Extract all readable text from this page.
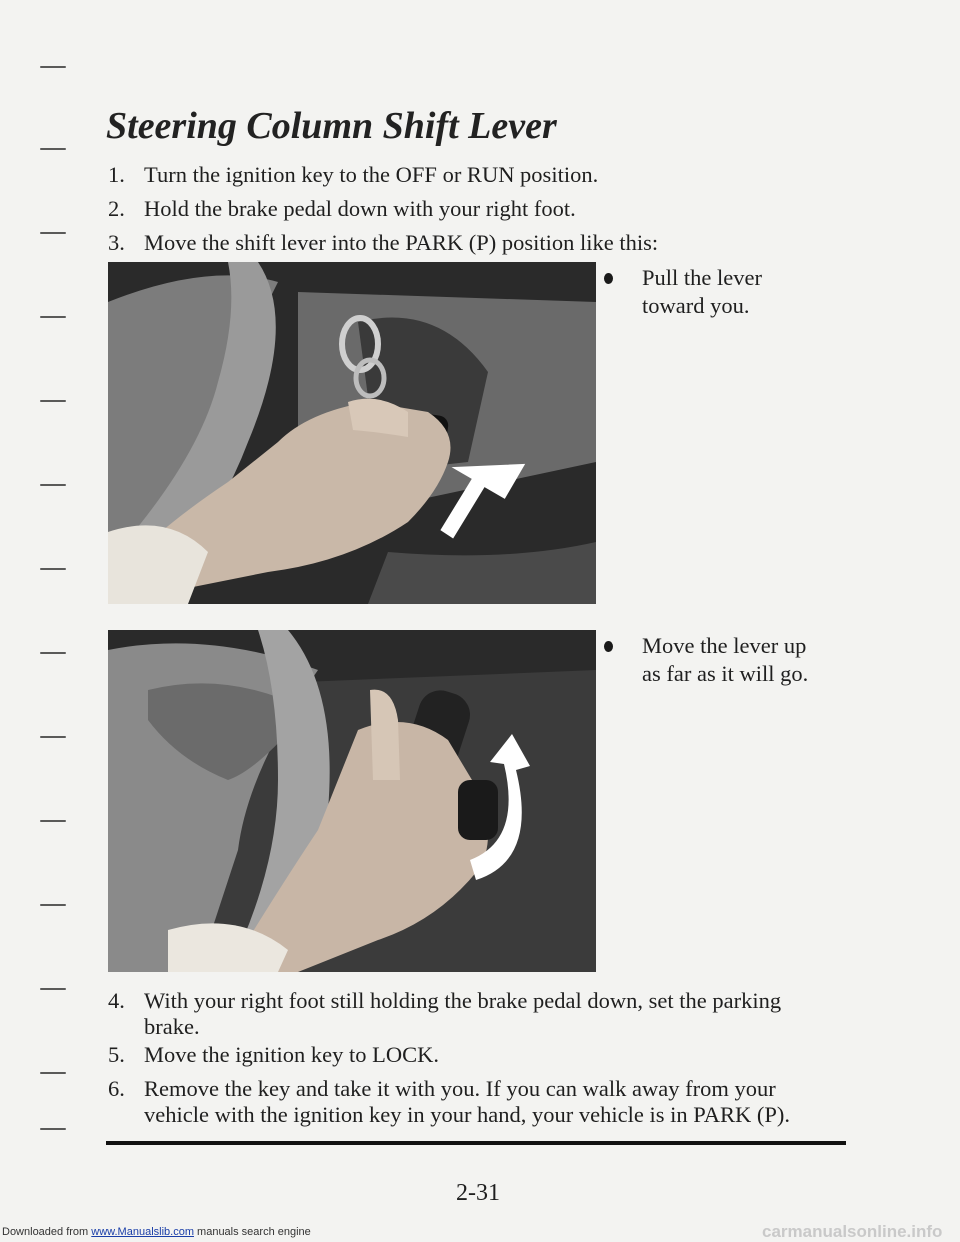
Steering Column Shift Lever
1. Turn the ignition key to the OFF or RUN position.
2. Hold the brake pedal down with your right foot.
3. Move the shift lever into the PARK (P) position like this:
Pull the lever
toward you.
Move the lever up
as far as it will go.
4. With your right foot still holding the brake pedal down, set the parking
brake.
5. Move the ignition key to LOCK.
6. Remove the key and take it with you. If you can walk away from your
vehicle with the ignition key in your hand, your vehicle is in PARK (P).
2-31
Downloaded from www.Manualslib.com manuals search engine	carmanualsonline.info
